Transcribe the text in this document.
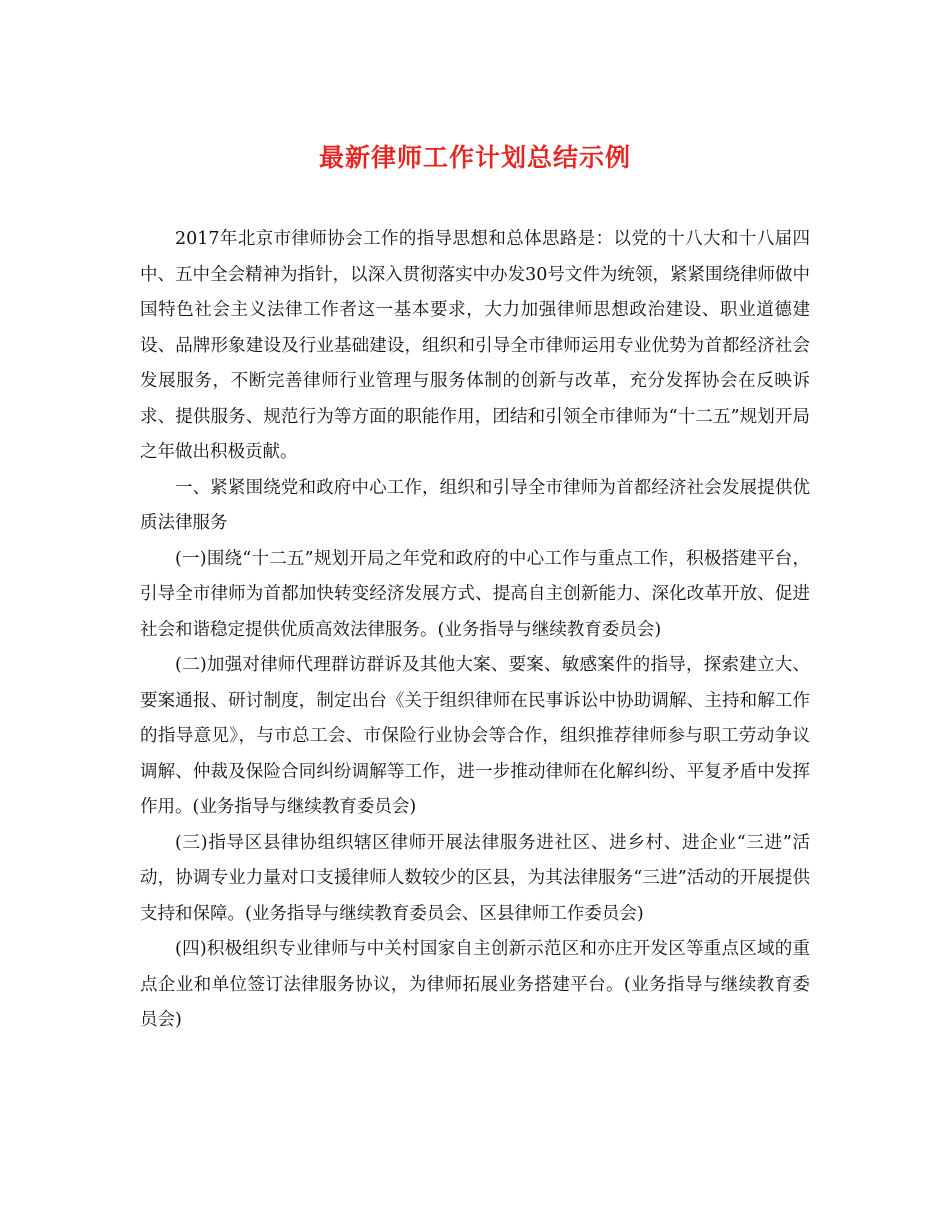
最新律师工作计划总结示例

2017年北京市律师协会工作的指导思想和总体思路是：以党的十八大和十八届四中、五中全会精神为指针，以深入贯彻落实中办发30号文件为统领，紧紧围绕律师做中国特色社会主义法律工作者这一基本要求，大力加强律师思想政治建设、职业道德建设、品牌形象建设及行业基础建设，组织和引导全市律师运用专业优势为首都经济社会发展服务，不断完善律师行业管理与服务体制的创新与改革，充分发挥协会在反映诉求、提供服务、规范行为等方面的职能作用，团结和引领全市律师为“十二五”规划开局之年做出积极贡献。

一、紧紧围绕党和政府中心工作，组织和引导全市律师为首都经济社会发展提供优质法律服务

(一)围绕“十二五”规划开局之年党和政府的中心工作与重点工作，积极搭建平台，引导全市律师为首都加快转变经济发展方式、提高自主创新能力、深化改革开放、促进社会和谐稳定提供优质高效法律服务。(业务指导与继续教育委员会)

(二)加强对律师代理群访群诉及其他大案、要案、敏感案件的指导，探索建立大、要案通报、研讨制度，制定出台《关于组织律师在民事诉讼中协助调解、主持和解工作的指导意见》，与市总工会、市保险行业协会等合作，组织推荐律师参与职工劳动争议调解、仲裁及保险合同纠纷调解等工作，进一步推动律师在化解纠纷、平复矛盾中发挥作用。(业务指导与继续教育委员会)

(三)指导区县律协组织辖区律师开展法律服务进社区、进乡村、进企业“三进”活动，协调专业力量对口支援律师人数较少的区县，为其法律服务“三进”活动的开展提供支持和保障。(业务指导与继续教育委员会、区县律师工作委员会)

(四)积极组织专业律师与中关村国家自主创新示范区和亦庄开发区等重点区域的重点企业和单位签订法律服务协议，为律师拓展业务搭建平台。(业务指导与继续教育委员会)
